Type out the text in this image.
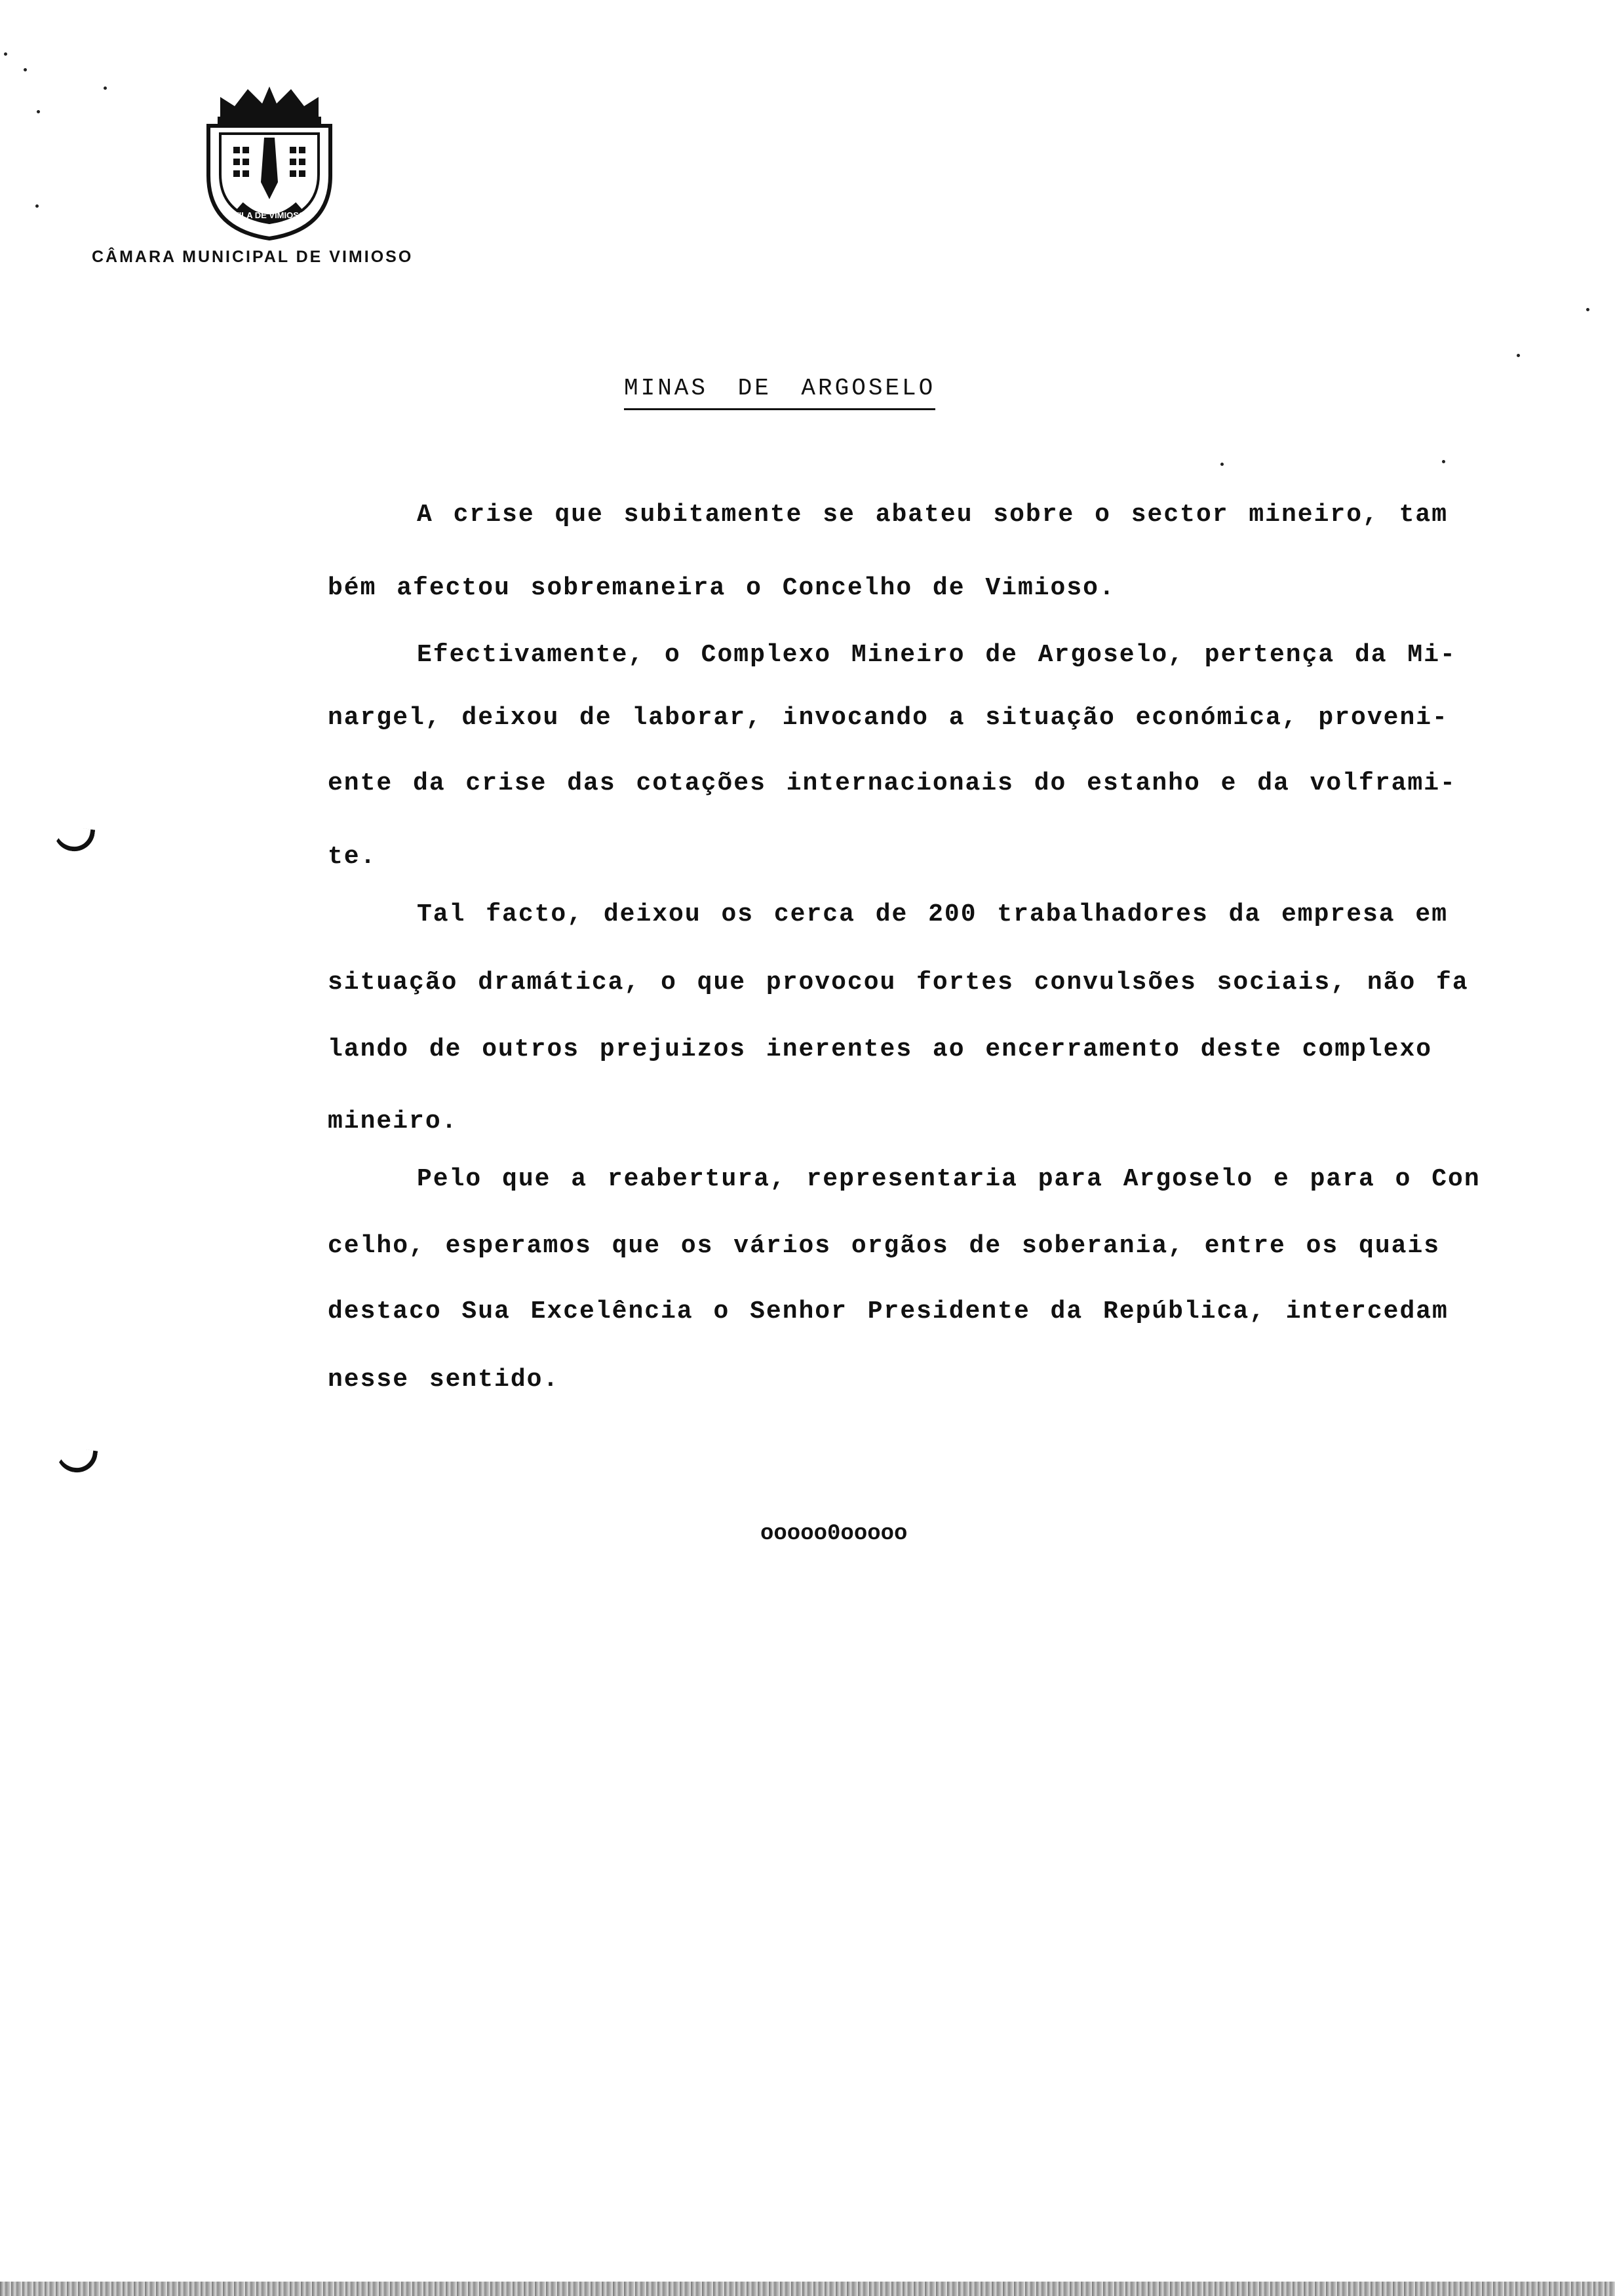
VILA DE VIMIOSO
CÂMARA MUNICIPAL DE VIMIOSO
MINAS DE ARGOSELO
A crise que subitamente se abateu sobre o sector mineiro, tam
bém afectou sobremaneira o Concelho de Vimioso.
Efectivamente, o Complexo Mineiro de Argoselo, pertença da Mi-
nargel, deixou de laborar, invocando a situação económica, proveni-
ente da crise das cotações internacionais do estanho e da volframi-
te.
Tal facto, deixou os cerca de 200 trabalhadores da empresa em
situação dramática, o que provocou fortes convulsões sociais, não fa
lando de outros prejuizos inerentes ao encerramento deste complexo
mineiro.
Pelo que a reabertura, representaria para Argoselo e para o Con
celho, esperamos que os vários orgãos de soberania, entre os quais
destaco Sua Excelência o Senhor Presidente da República, intercedam
nesse sentido.
ooooo0ooooo
